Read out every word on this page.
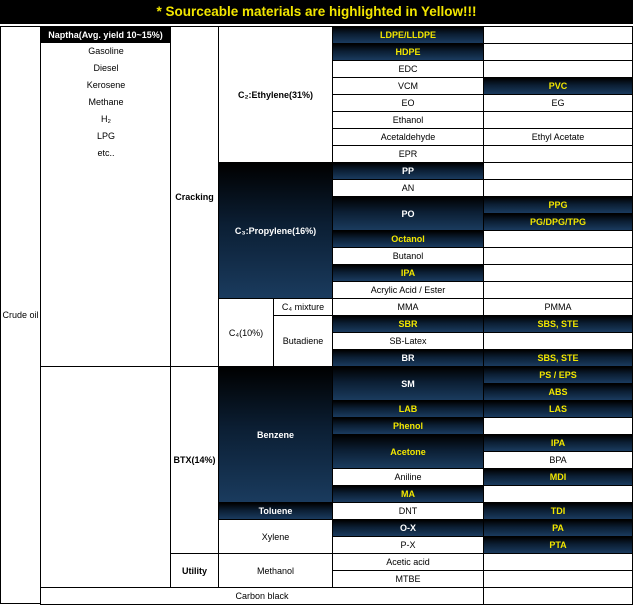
* Sourceable materials are highlighted in Yellow!!!
Crude oil
Naptha(Avg. yield 10~15%)
Gasoline
Diesel
Kerosene
Methane
H₂
LPG
etc..
Cracking
BTX(14%)
Utility
C₂:Ethylene(31%)
C₃:Propylene(16%)
C₄(10%)
C₄ mixture
Butadiene
Benzene
Toluene
Xylene
Methanol
LDPE/LLDPE
HDPE
EDC
VCM
EO
Ethanol
Acetaldehyde
EPR
PP
AN
PO
Octanol
Butanol
IPA
Acrylic Acid / Ester
MMA
SBR
SB-Latex
BR
SM
LAB
Phenol
Acetone
Aniline
MA
DNT
O-X
P-X
Acetic acid
MTBE
PVC
EG
Ethyl Acetate
PPG
PG/DPG/TPG
PMMA
SBS, STE
SBS, STE
PS / EPS
ABS
LAS
IPA
BPA
MDI
TDI
PA
PTA
Carbon black
